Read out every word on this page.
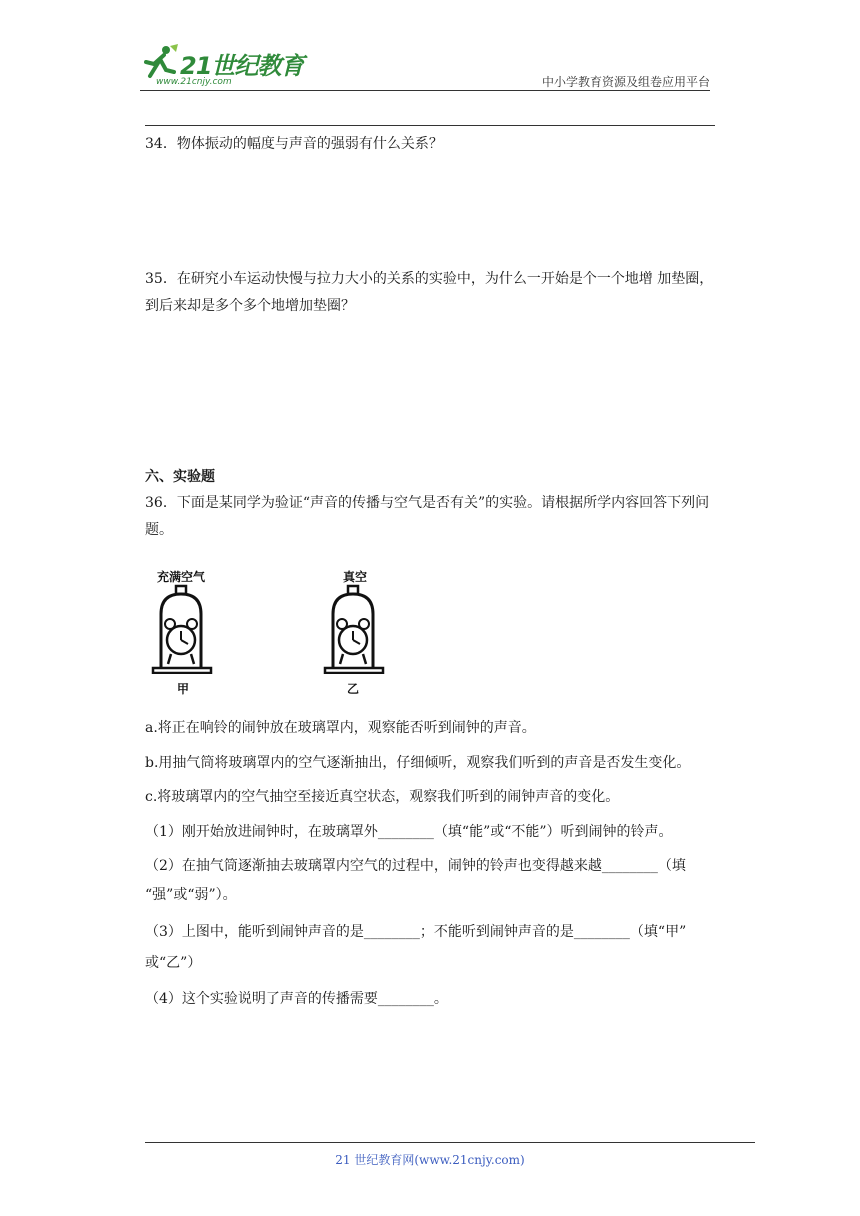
21世纪教育
www.21cnjy.com	中小学教育资源及组卷应用平台
34．物体振动的幅度与声音的强弱有什么关系？
35．在研究小车运动快慢与拉力大小的关系的实验中，为什么一开始是个一个地增 加垫圈，到后来却是多个多个地增加垫圈？
六、实验题
36．下面是某同学为验证“声音的传播与空气是否有关”的实验。请根据所学内容回答下列问题。
充满空气
甲
真空
乙
a.将正在响铃的闹钟放在玻璃罩内，观察能否听到闹钟的声音。
b.用抽气筒将玻璃罩内的空气逐渐抽出，仔细倾听，观察我们听到的声音是否发生变化。
c.将玻璃罩内的空气抽空至接近真空状态，观察我们听到的闹钟声音的变化。
（1）刚开始放进闹钟时，在玻璃罩外________（填“能”或“不能”）听到闹钟的铃声。
（2）在抽气筒逐渐抽去玻璃罩内空气的过程中，闹钟的铃声也变得越来越________（填
“强”或“弱”）。
（3）上图中，能听到闹钟声音的是________；不能听到闹钟声音的是________（填“甲”
或“乙”）
（4）这个实验说明了声音的传播需要________。
21 世纪教育网(www.21cnjy.com)
